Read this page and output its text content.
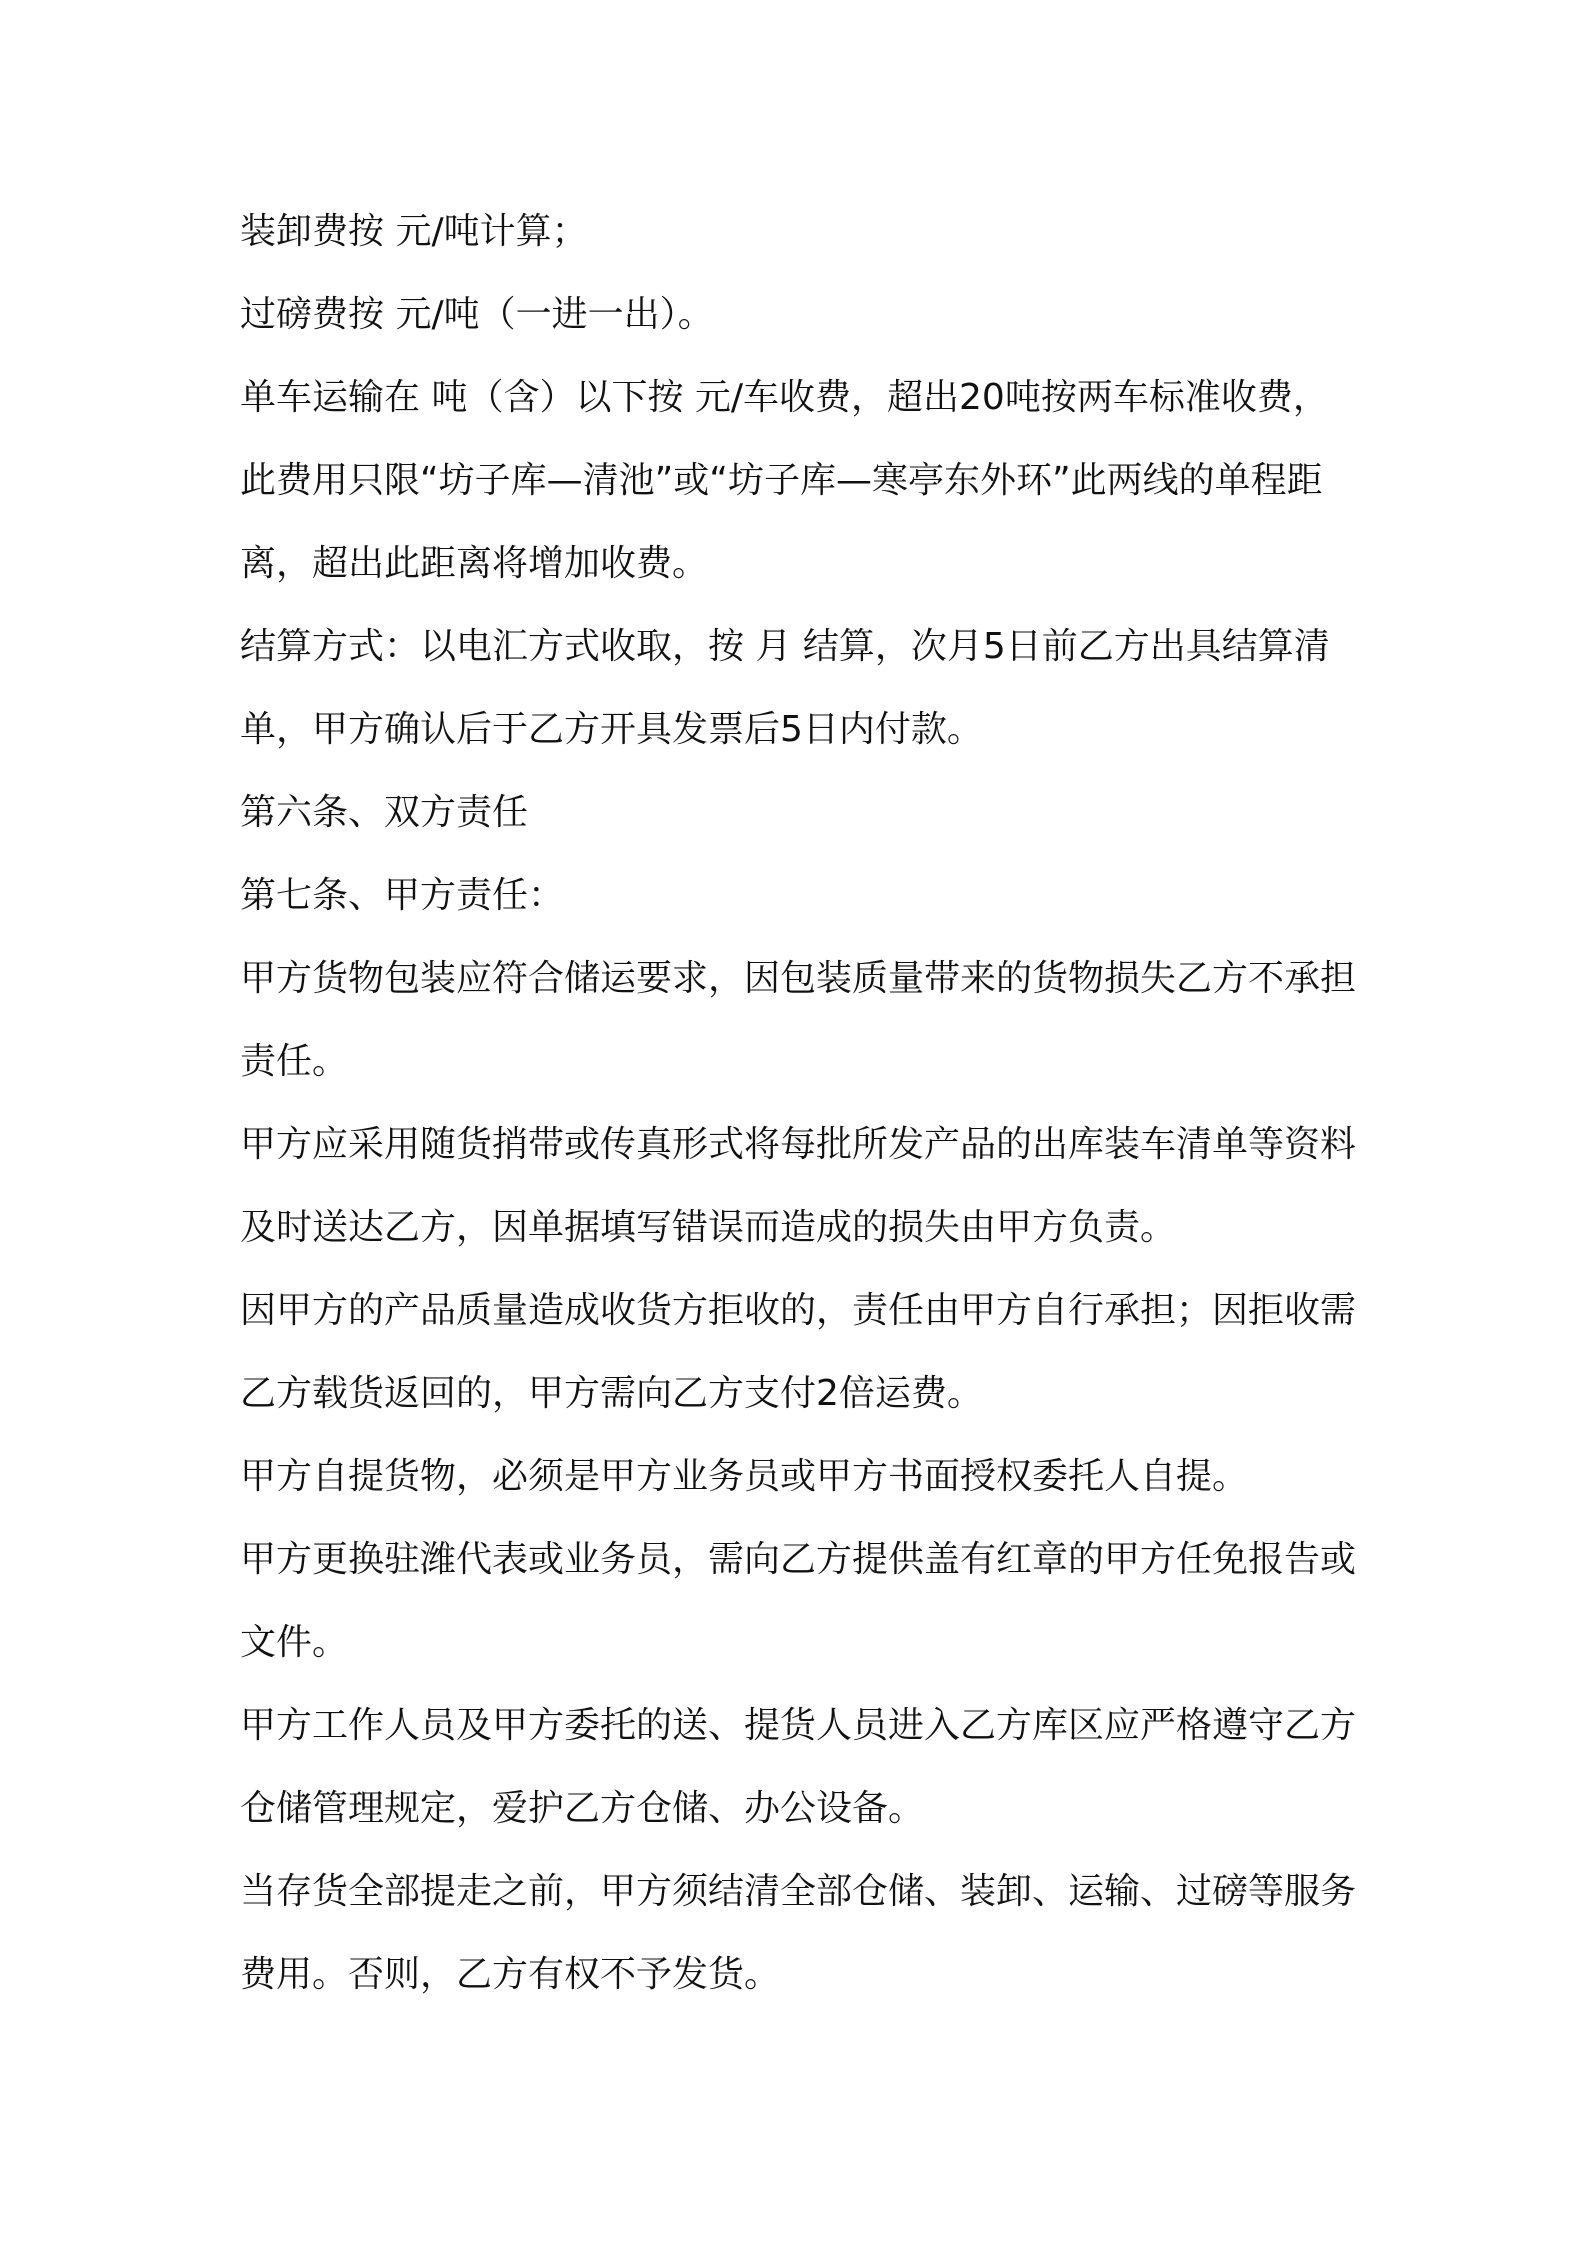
装卸费按 元/吨计算；

过磅费按 元/吨（一进一出）。

单车运输在 吨（含）以下按 元/车收费，超出20吨按两车标准收费，此费用只限“坊子库—清池”或“坊子库—寒亭东外环”此两线的单程距离，超出此距离将增加收费。

结算方式：以电汇方式收取，按 月 结算，次月5日前乙方出具结算清单，甲方确认后于乙方开具发票后5日内付款。

第六条、双方责任

第七条、甲方责任：

甲方货物包装应符合储运要求，因包装质量带来的货物损失乙方不承担责任。

甲方应采用随货捎带或传真形式将每批所发产品的出库装车清单等资料及时送达乙方，因单据填写错误而造成的损失由甲方负责。

因甲方的产品质量造成收货方拒收的，责任由甲方自行承担；因拒收需乙方载货返回的，甲方需向乙方支付2倍运费。

甲方自提货物，必须是甲方业务员或甲方书面授权委托人自提。

甲方更换驻潍代表或业务员，需向乙方提供盖有红章的甲方任免报告或文件。

甲方工作人员及甲方委托的送、提货人员进入乙方库区应严格遵守乙方仓储管理规定，爱护乙方仓储、办公设备。

当存货全部提走之前，甲方须结清全部仓储、装卸、运输、过磅等服务费用。否则，乙方有权不予发货。
